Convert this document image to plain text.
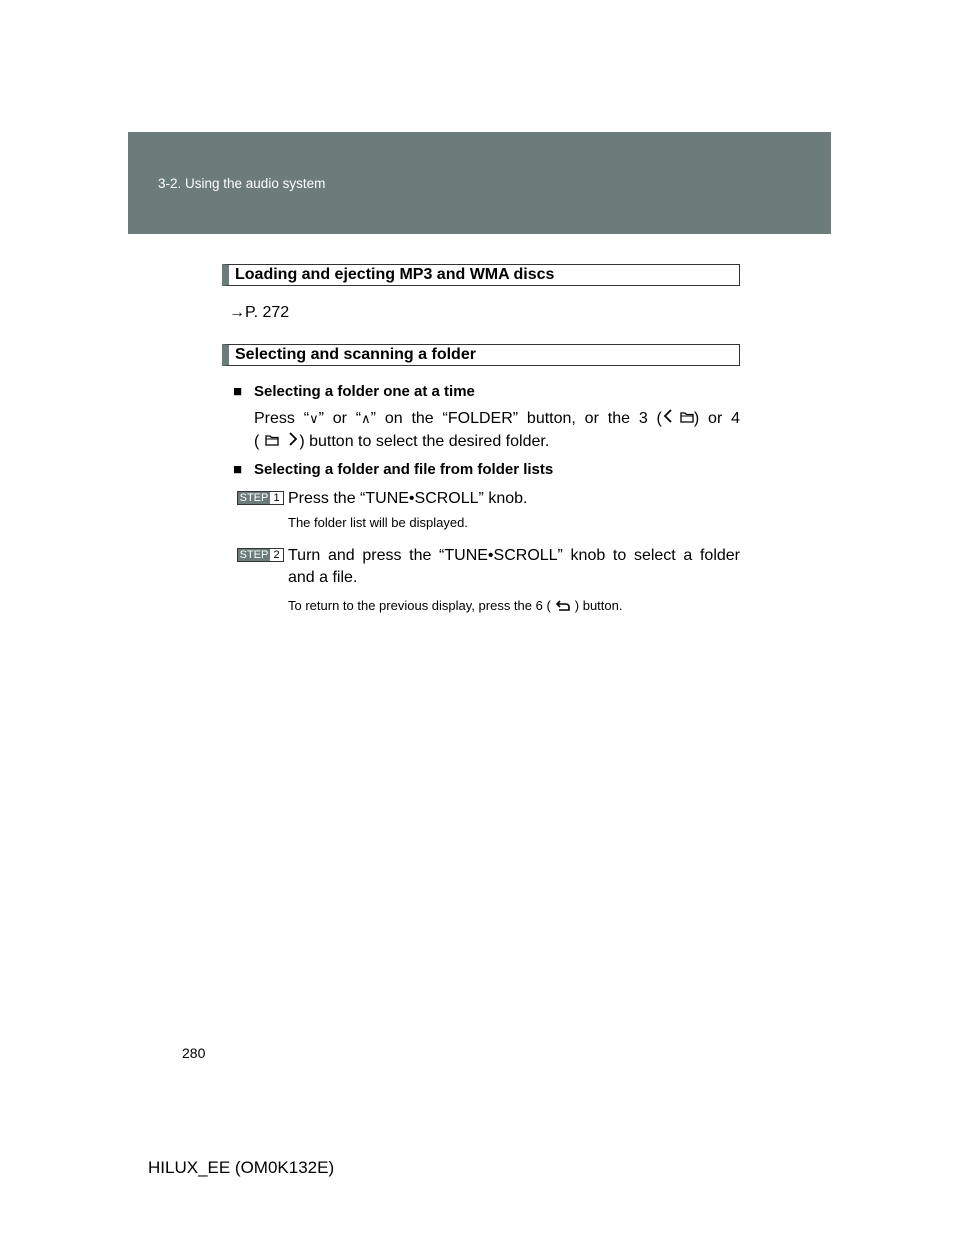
3-2. Using the audio system
Loading and ejecting MP3 and WMA discs
→P. 272
Selecting and scanning a folder
■ Selecting a folder one at a time
Press “∨” or “∧” on the “FOLDER” button, or the 3 ( ) or 4
(	) button to select the desired folder.
■ Selecting a folder and file from folder lists
STEP 1 Press the “TUNE•SCROLL” knob.
The folder list will be displayed.
STEP 2 Turn and press the “TUNE•SCROLL” knob to select a folder
and a file.
To return to the previous display, press the 6 ( ) button.
280
HILUX_EE (OM0K132E)
